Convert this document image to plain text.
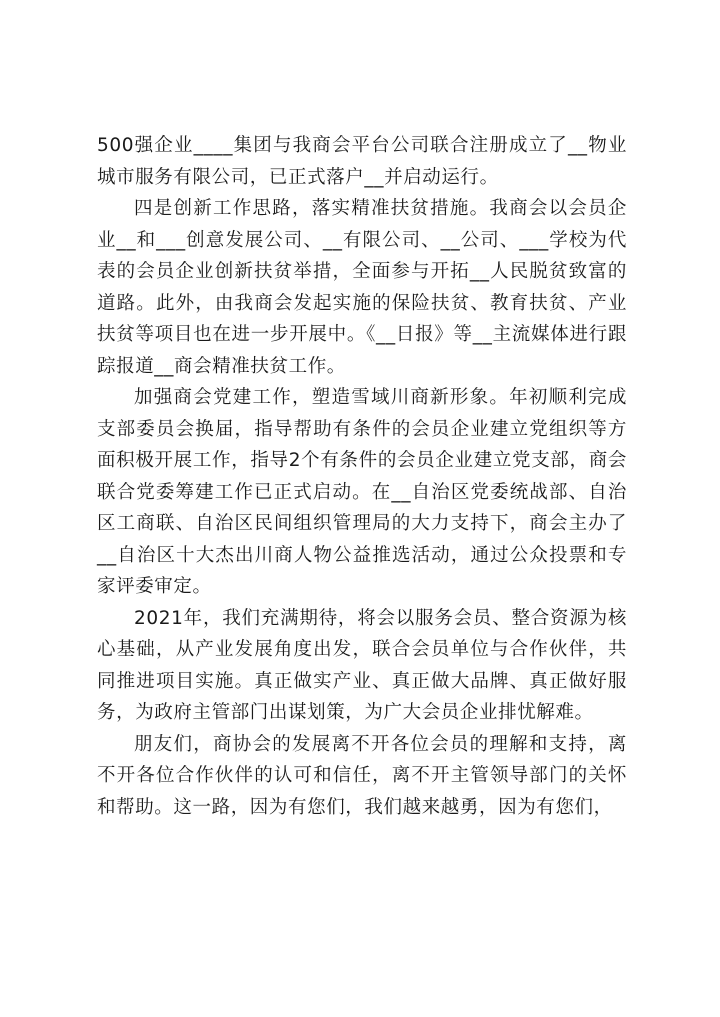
500强企业____集团与我商会平台公司联合注册成立了__物业城市服务有限公司，已正式落户__并启动运行。

四是创新工作思路，落实精准扶贫措施。我商会以会员企业__和___创意发展公司、__有限公司、__公司、___学校为代表的会员企业创新扶贫举措，全面参与开拓__人民脱贫致富的道路。此外，由我商会发起实施的保险扶贫、教育扶贫、产业扶贫等项目也在进一步开展中。《__日报》等__主流媒体进行跟踪报道__商会精准扶贫工作。

加强商会党建工作，塑造雪域川商新形象。年初顺利完成支部委员会换届，指导帮助有条件的会员企业建立党组织等方面积极开展工作，指导2个有条件的会员企业建立党支部，商会联合党委筹建工作已正式启动。在__自治区党委统战部、自治区工商联、自治区民间组织管理局的大力支持下，商会主办了__自治区十大杰出川商人物公益推选活动，通过公众投票和专家评委审定。

2021年，我们充满期待，将会以服务会员、整合资源为核心基础，从产业发展角度出发，联合会员单位与合作伙伴，共同推进项目实施。真正做实产业、真正做大品牌、真正做好服务，为政府主管部门出谋划策，为广大会员企业排忧解难。

朋友们，商协会的发展离不开各位会员的理解和支持，离不开各位合作伙伴的认可和信任，离不开主管领导部门的关怀和帮助。这一路，因为有您们，我们越来越勇，因为有您们，
